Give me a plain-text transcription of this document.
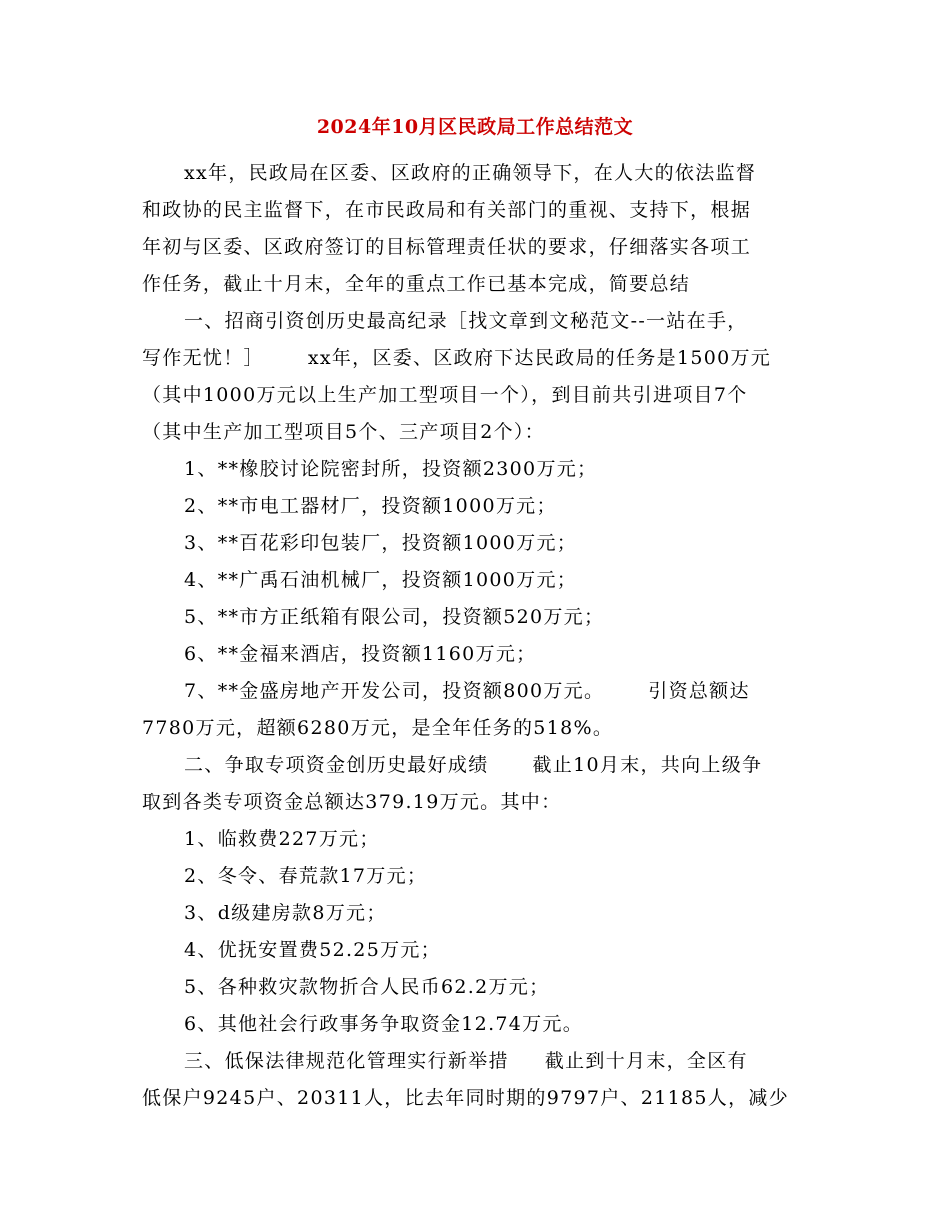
2024年10月区民政局工作总结范文
xx年，民政局在区委、区政府的正确领导下，在人大的依法监督
和政协的民主监督下，在市民政局和有关部门的重视、支持下，根据
年初与区委、区政府签订的目标管理责任状的要求，仔细落实各项工
作任务，截止十月末，全年的重点工作已基本完成，简要总结
一、招商引资创历史最高纪录［找文章到文秘范文--一站在手，
写作无忧！］ xx年，区委、区政府下达民政局的任务是1500万元
（其中1000万元以上生产加工型项目一个），到目前共引进项目7个
（其中生产加工型项目5个、三产项目2个）：
1、**橡胶讨论院密封所，投资额2300万元；
2、**市电工器材厂，投资额1000万元；
3、**百花彩印包装厂，投资额1000万元；
4、**广禹石油机械厂，投资额1000万元；
5、**市方正纸箱有限公司，投资额520万元；
6、**金福来酒店，投资额1160万元；
7、**金盛房地产开发公司，投资额800万元。 引资总额达
7780万元，超额6280万元，是全年任务的518%。
二、争取专项资金创历史最好成绩 截止10月末，共向上级争
取到各类专项资金总额达379.19万元。其中：
1、临救费227万元；
2、冬令、春荒款17万元；
3、d级建房款8万元；
4、优抚安置费52.25万元；
5、各种救灾款物折合人民币62.2万元；
6、其他社会行政事务争取资金12.74万元。
三、低保法律规范化管理实行新举措 截止到十月末，全区有
低保户9245户、20311人，比去年同时期的9797户、21185人，减少
